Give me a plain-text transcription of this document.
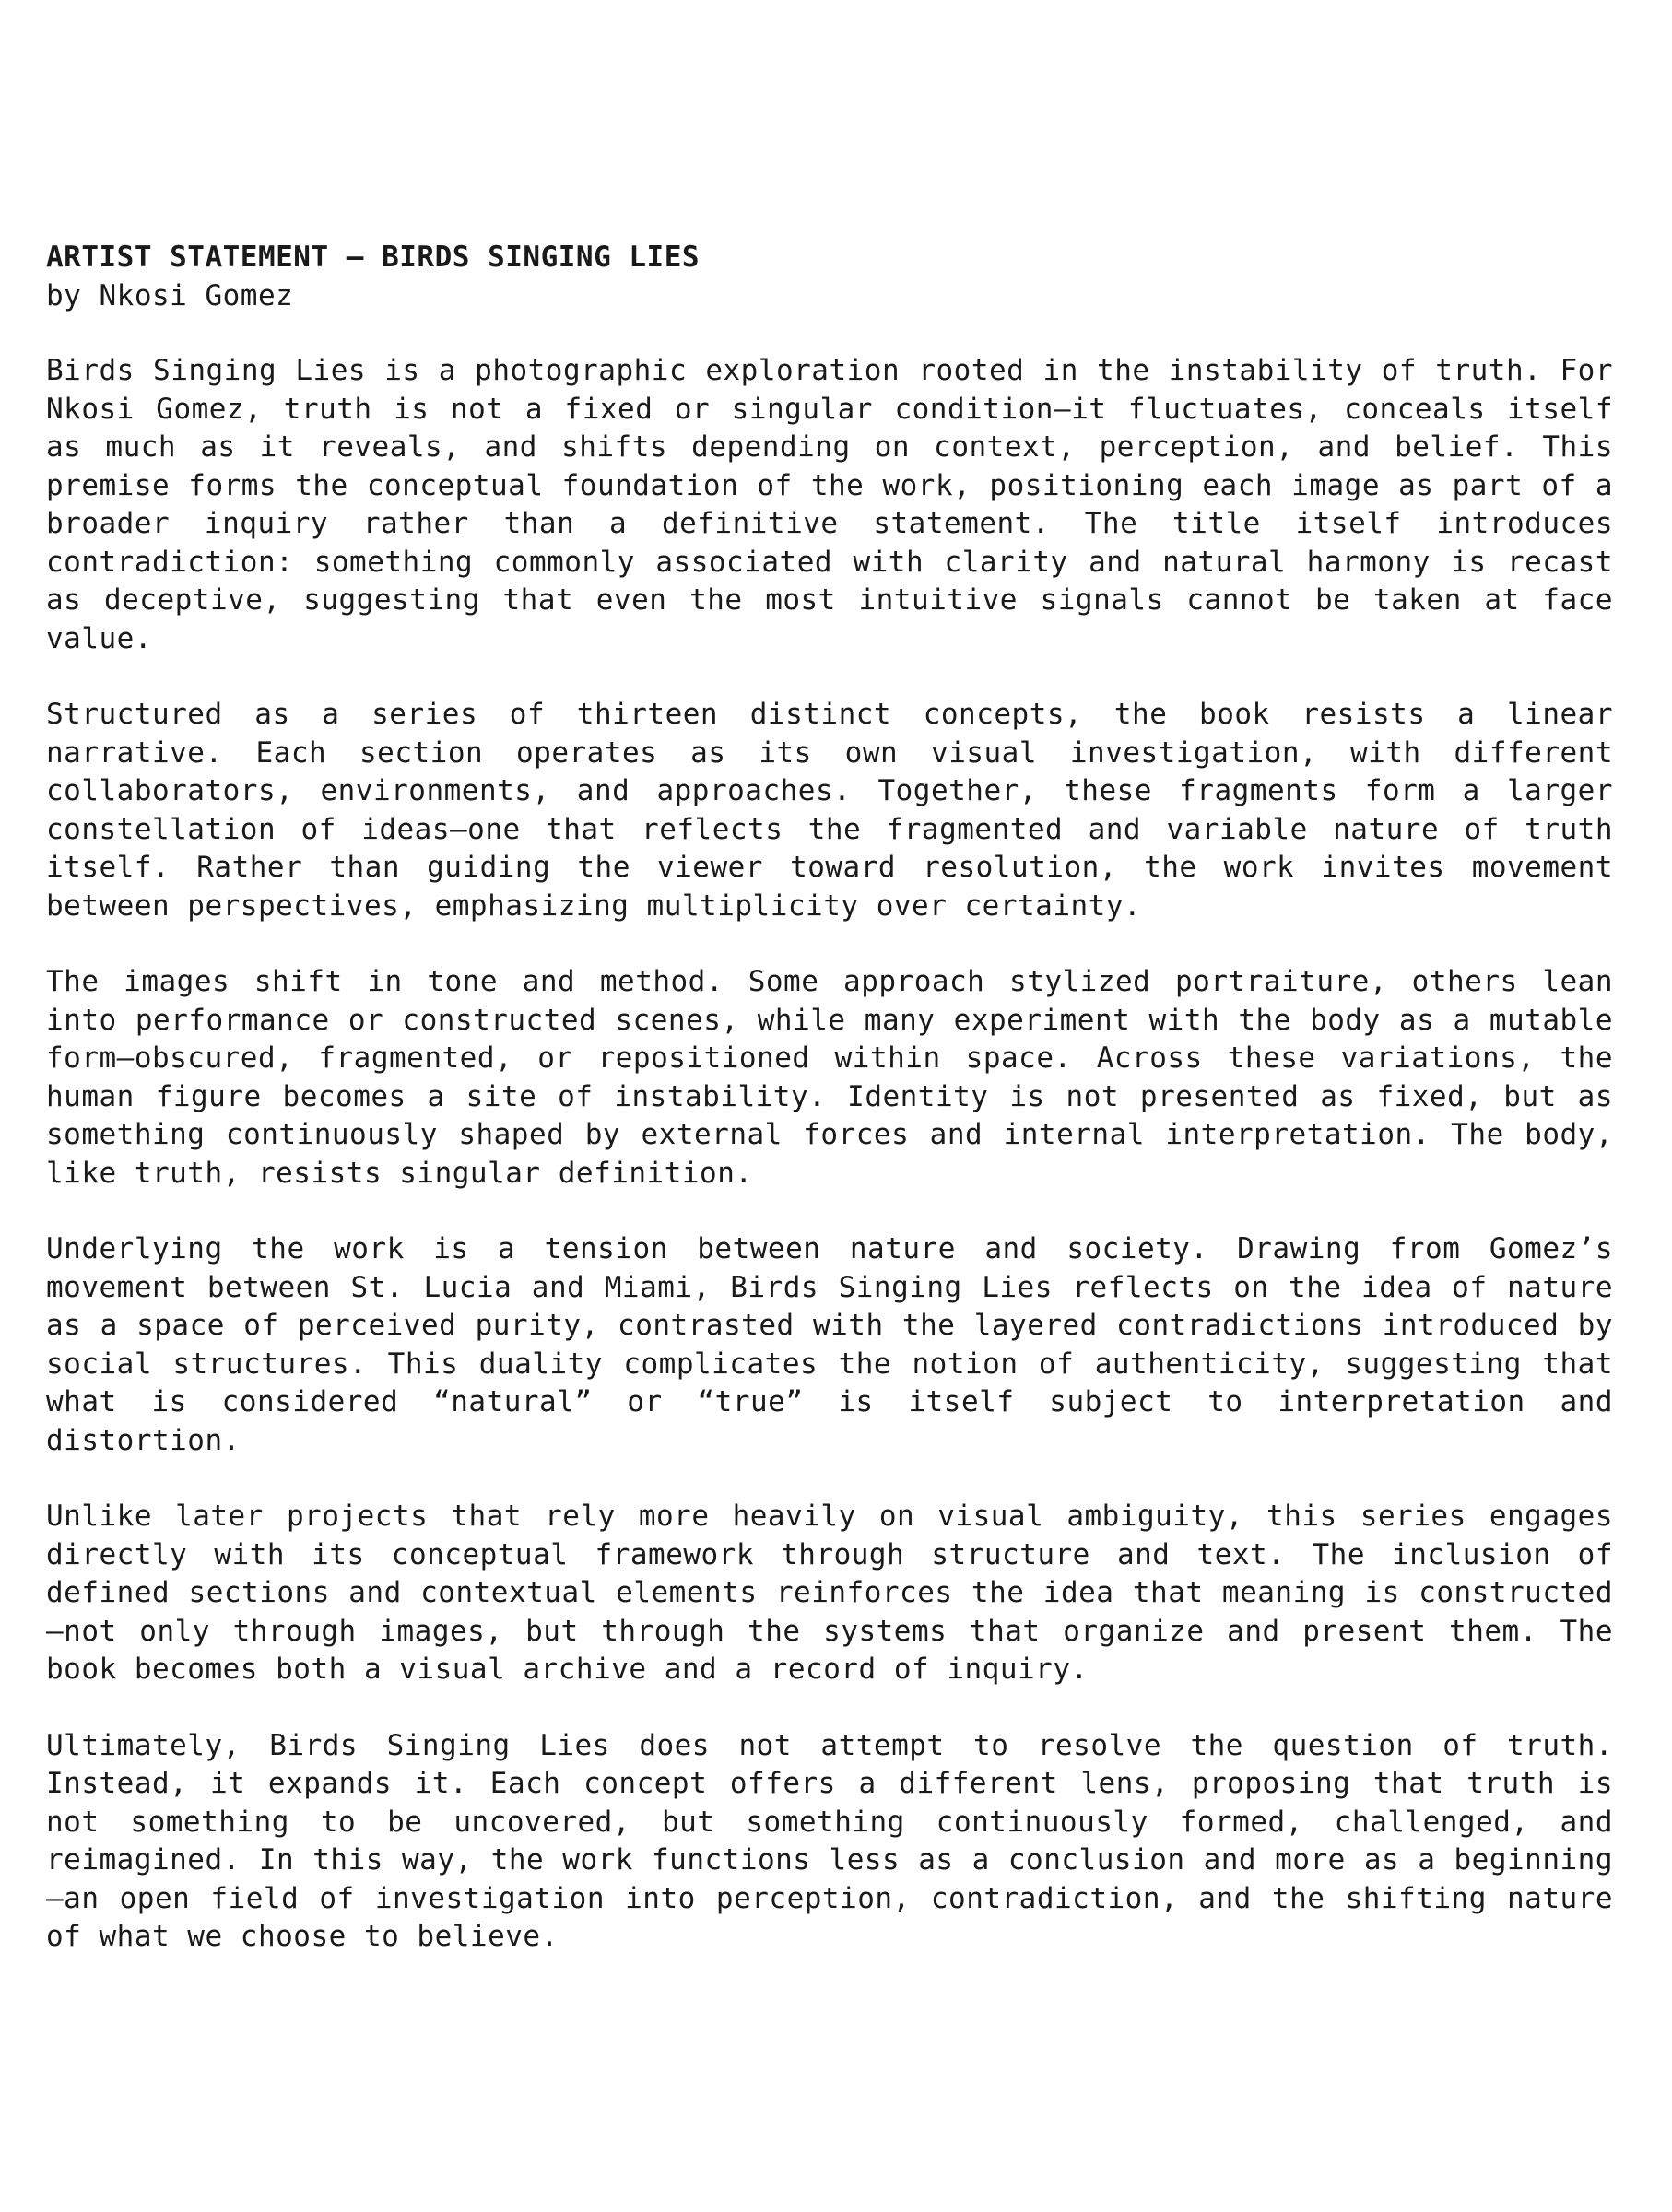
ARTIST STATEMENT — BIRDS SINGING LIES

by Nkosi Gomez

Birds Singing Lies is a photographic exploration rooted in the instability of truth. For Nkosi Gomez, truth is not a fixed or singular condition—it fluctuates, conceals itself as much as it reveals, and shifts depending on context, perception, and belief. This premise forms the conceptual foundation of the work, positioning each image as part of a broader inquiry rather than a definitive statement. The title itself introduces contradiction: something commonly associated with clarity and natural harmony is recast as deceptive, suggesting that even the most intuitive signals cannot be taken at face value.

Structured as a series of thirteen distinct concepts, the book resists a linear narrative. Each section operates as its own visual investigation, with different collaborators, environments, and approaches. Together, these fragments form a larger constellation of ideas—one that reflects the fragmented and variable nature of truth itself. Rather than guiding the viewer toward resolution, the work invites movement between perspectives, emphasizing multiplicity over certainty.

The images shift in tone and method. Some approach stylized portraiture, others lean into performance or constructed scenes, while many experiment with the body as a mutable form—obscured, fragmented, or repositioned within space. Across these variations, the human figure becomes a site of instability. Identity is not presented as fixed, but as something continuously shaped by external forces and internal interpretation. The body, like truth, resists singular definition.

Underlying the work is a tension between nature and society. Drawing from Gomez’s movement between St. Lucia and Miami, Birds Singing Lies reflects on the idea of nature as a space of perceived purity, contrasted with the layered contradictions introduced by social structures. This duality complicates the notion of authenticity, suggesting that what is considered “natural” or “true” is itself subject to interpretation and distortion.

Unlike later projects that rely more heavily on visual ambiguity, this series engages directly with its conceptual framework through structure and text. The inclusion of defined sections and contextual elements reinforces the idea that meaning is constructed—not only through images, but through the systems that organize and present them. The book becomes both a visual archive and a record of inquiry.

Ultimately, Birds Singing Lies does not attempt to resolve the question of truth. Instead, it expands it. Each concept offers a different lens, proposing that truth is not something to be uncovered, but something continuously formed, challenged, and reimagined. In this way, the work functions less as a conclusion and more as a beginning—an open field of investigation into perception, contradiction, and the shifting nature of what we choose to believe.
